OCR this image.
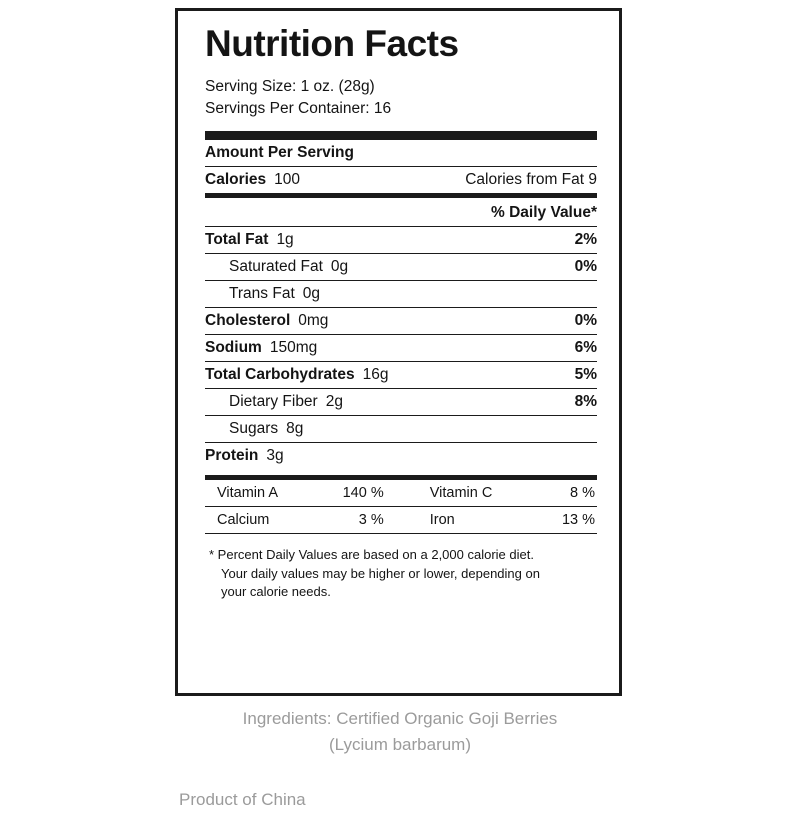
Nutrition Facts
Serving Size: 1 oz. (28g)
Servings Per Container: 16
Amount Per Serving
Calories 100	Calories from Fat 9
% Daily Value*
Total Fat 1g	2%
Saturated Fat 0g	0%
Trans Fat 0g
Cholesterol 0mg	0%
Sodium 150mg	6%
Total Carbohydrates 16g	5%
Dietary Fiber 2g	8%
Sugars 8g
Protein 3g
Vitamin A	140 %	Vitamin C	8 %
Calcium	3 %	Iron	13 %
* Percent Daily Values are based on a 2,000 calorie diet.
Your daily values may be higher or lower, depending on
your calorie needs.
Ingredients: Certified Organic Goji Berries
(Lycium barbarum)
Product of China
